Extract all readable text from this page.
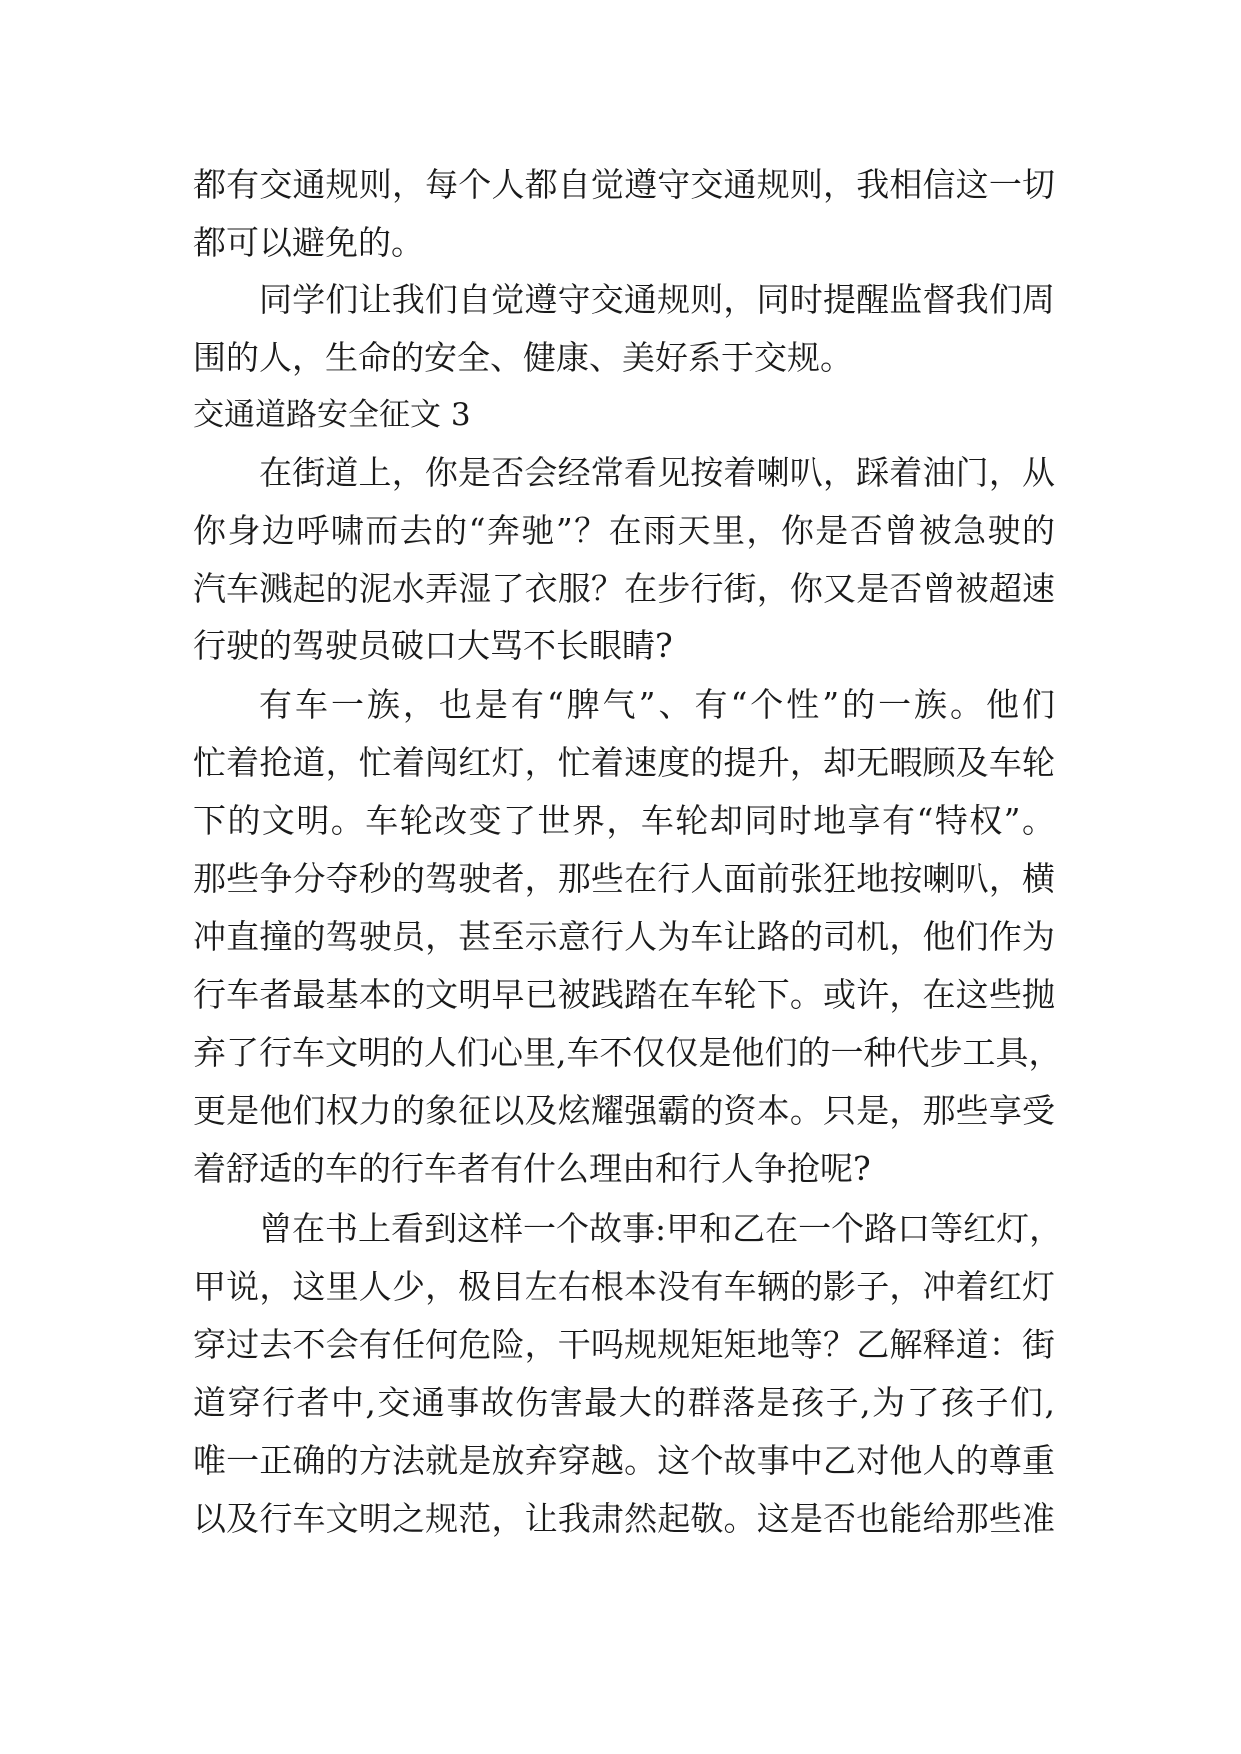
都有交通规则，每个人都自觉遵守交通规则，我相信这一切
都可以避免的。
同学们让我们自觉遵守交通规则，同时提醒监督我们周
围的人，生命的安全、健康、美好系于交规。
交通道路安全征文 3
在街道上，你是否会经常看见按着喇叭，踩着油门，从
你身边呼啸而去的“奔驰”？在雨天里，你是否曾被急驶的
汽车溅起的泥水弄湿了衣服？在步行街，你又是否曾被超速
行驶的驾驶员破口大骂不长眼睛?
有车一族，也是有“脾气”、有“个性”的一族。他们
忙着抢道，忙着闯红灯，忙着速度的提升，却无暇顾及车轮
下的文明。车轮改变了世界，车轮却同时地享有“特权”。
那些争分夺秒的驾驶者，那些在行人面前张狂地按喇叭，横
冲直撞的驾驶员，甚至示意行人为车让路的司机，他们作为
行车者最基本的文明早已被践踏在车轮下。或许，在这些抛
弃了行车文明的人们心里,车不仅仅是他们的一种代步工具，
更是他们权力的象征以及炫耀强霸的资本。只是，那些享受
着舒适的车的行车者有什么理由和行人争抢呢?
曾在书上看到这样一个故事:甲和乙在一个路口等红灯，
甲说，这里人少，极目左右根本没有车辆的影子，冲着红灯
穿过去不会有任何危险，干吗规规矩矩地等？乙解释道：街
道穿行者中,交通事故伤害最大的群落是孩子,为了孩子们,
唯一正确的方法就是放弃穿越。这个故事中乙对他人的尊重
以及行车文明之规范，让我肃然起敬。这是否也能给那些准
